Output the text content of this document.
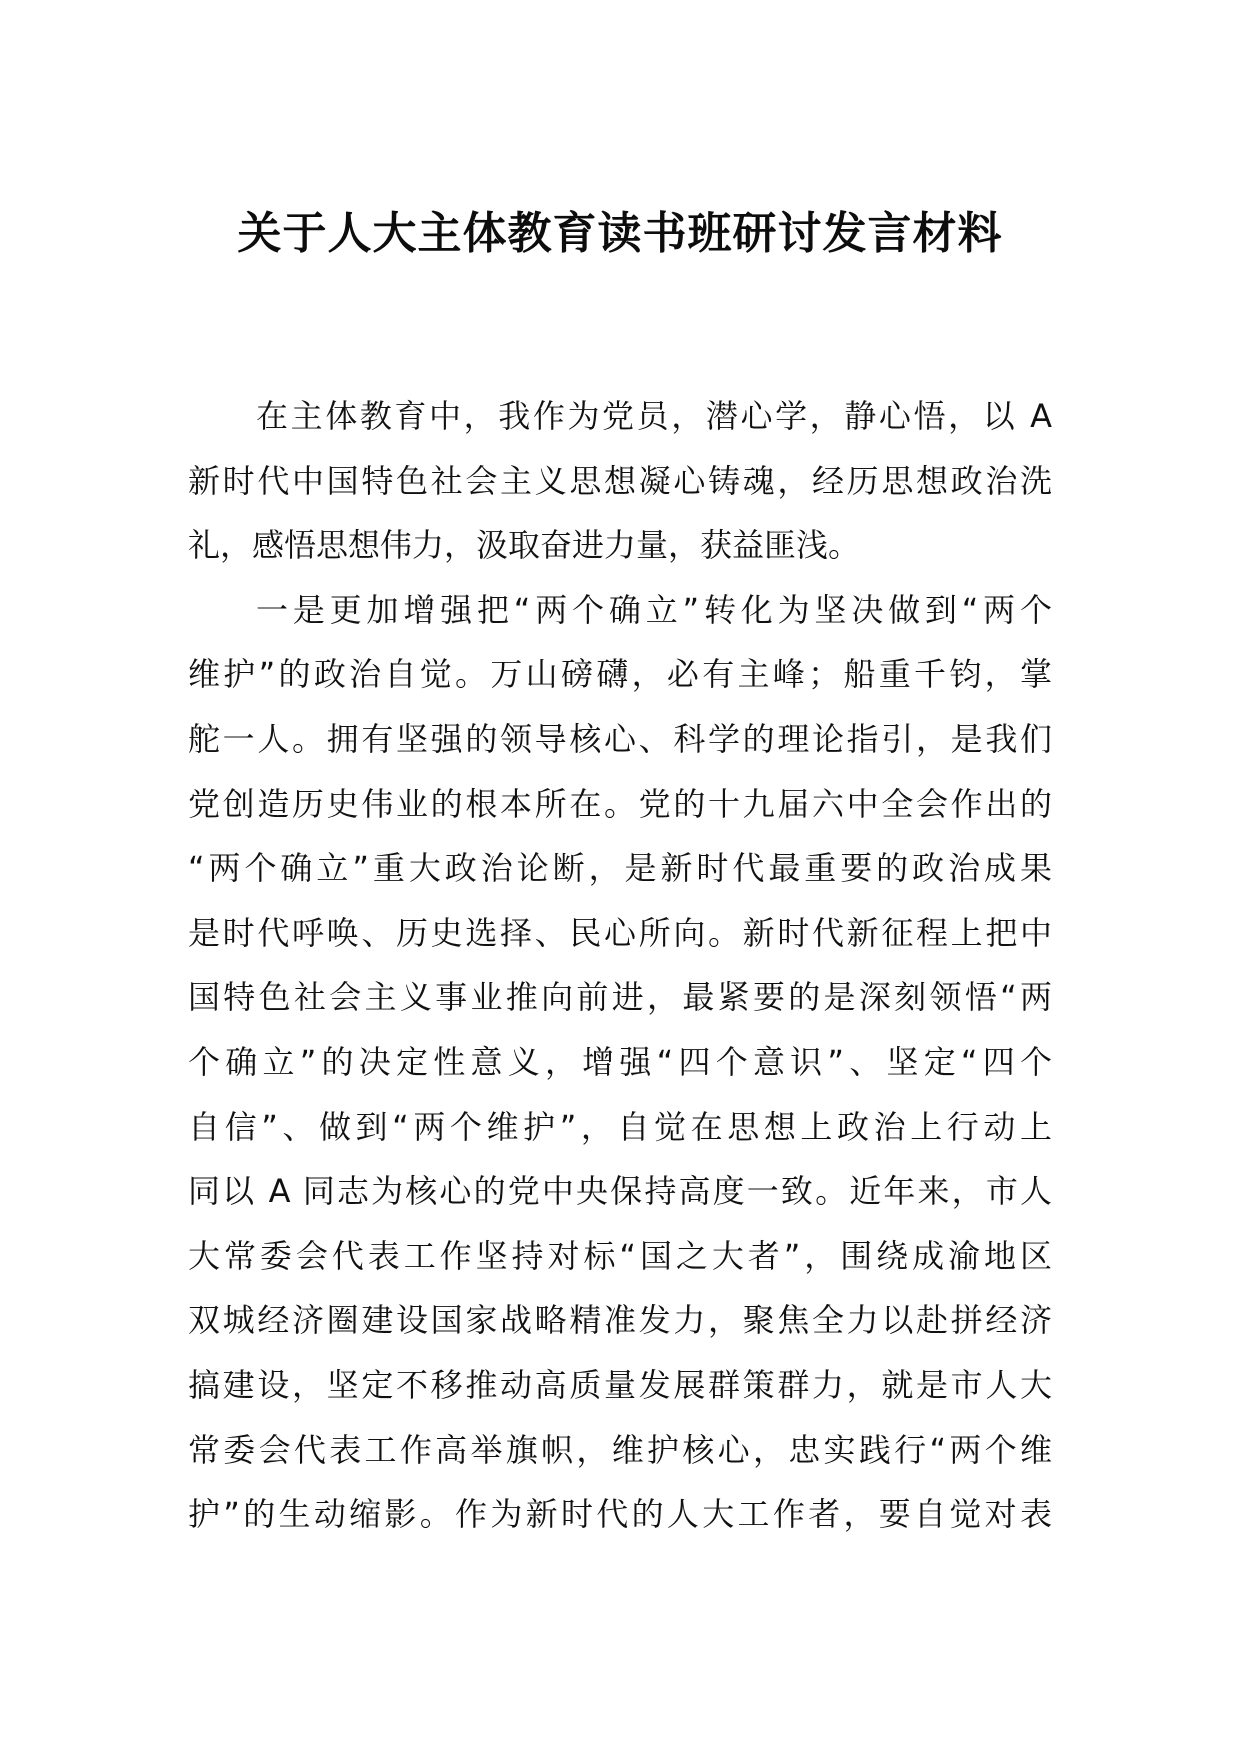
关于人大主体教育读书班研讨发言材料
在主体教育中，我作为党员，潜心学，静心悟，以 A
新时代中国特色社会主义思想凝心铸魂，经历思想政治洗
礼，感悟思想伟力，汲取奋进力量，获益匪浅。
一是更加增强把“两个确立”转化为坚决做到“两个
维护”的政治自觉。万山磅礴，必有主峰；船重千钧，掌
舵一人。拥有坚强的领导核心、科学的理论指引，是我们
党创造历史伟业的根本所在。党的十九届六中全会作出的
“两个确立”重大政治论断，是新时代最重要的政治成果
是时代呼唤、历史选择、民心所向。新时代新征程上把中
国特色社会主义事业推向前进，最紧要的是深刻领悟“两
个确立”的决定性意义，增强“四个意识”、坚定“四个
自信”、做到“两个维护”，自觉在思想上政治上行动上
同以 A 同志为核心的党中央保持高度一致。近年来，市人
大常委会代表工作坚持对标“国之大者”，围绕成渝地区
双城经济圈建设国家战略精准发力，聚焦全力以赴拼经济
搞建设，坚定不移推动高质量发展群策群力，就是市人大
常委会代表工作高举旗帜，维护核心，忠实践行“两个维
护”的生动缩影。作为新时代的人大工作者，要自觉对表
